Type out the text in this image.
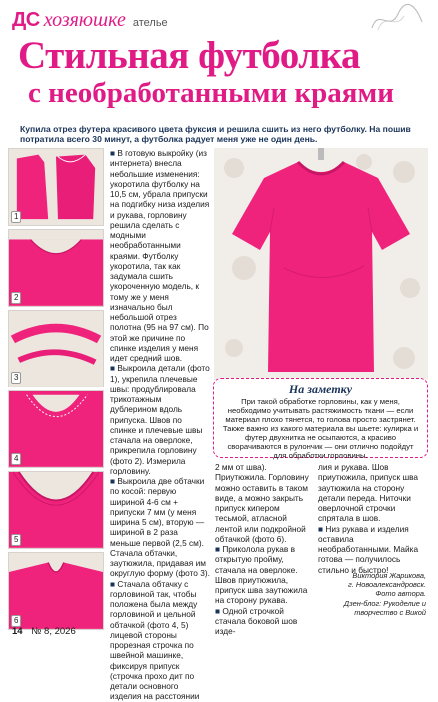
ДС хозяюшке ателье
Стильная футболка
с необработанными краями
Купила отрез футера красивого цвета фуксия и решила сшить из него футболку. На пошив потратила всего 30 минут, а футболка радует меня уже не один день.
1
2
3
4
5
6

■ В готовую выкройку (из интернета) внесла небольшие изменения: укоротила футболку на 10,5 см, убрала припуски на подгибку низа изделия и рукава, горловину решила сделать с модными необработанными краями. Футболку укоротила, так как задумала сшить укороченную модель, к тому же у меня изначально был небольшой отрез полотна (95 на 97 см). По этой же причине по спинке изделия у меня идет средний шов.

■ Выкроила детали (фото 1), укрепила плечевые швы: продублировала трикотажным дублерином вдоль припуска. Швов по спинке и плечевые швы стачала на оверлоке, прикрепила горловину (фото 2). Измерила горловину.

■ Выкроила две обтачки по косой: первую шириной 4-6 см + припуски 7 мм (у меня ширина 5 см), вторую — шириной в 2 раза меньше первой (2,5 см). Стачала обтачки, заутюжила, придавая им округлую форму (фото 3).

■ Стачала обтачку с горловиной так, чтобы положена была между горловиной и цельной обтачкой (фото 4, 5) лицевой стороны прорезная строчка по швейной машинке, фиксируя припуск (строчка прохо дит по детали основного изделия на расстоянии

На заметку
При такой обработке горловины, как у меня, необходимо учитывать растяжимость ткани — если материал плохо тянется, то голова просто застрянет. Также важно из какого материала вы шьете: кулирка и футер двухнитка не осыпаются, а красиво сворачиваются в рулончик — они отлично подойдут для обработки горловины.

2 мм от шва). Приутюжила. Горловину можно оставить в таком виде, а можно закрыть припуск кипером тесьмой, атласной лентой или подкройной обтачкой (фото 6).

■ Приколола рукав в открытую пройму, стачала на оверлоке. Швов приутюжила, припуск шва заутюжила на сторону рукава.

■ Одной строчкой стачала боковой шов изде-

лия и рукава. Шов приутюжила, припуск шва заутюжила на сторону детали переда. Ниточки оверлочной строчки спрятала в шов.

■ Низ рукава и изделия оставила необработанными. Майка готова — получилось стильно и быстро!

Виктория Жарикова,
г. Новоалександровск.
Фото автора.
Дзен-блог: Рукоделие и творчество с Викой
14 № 8, 2026
